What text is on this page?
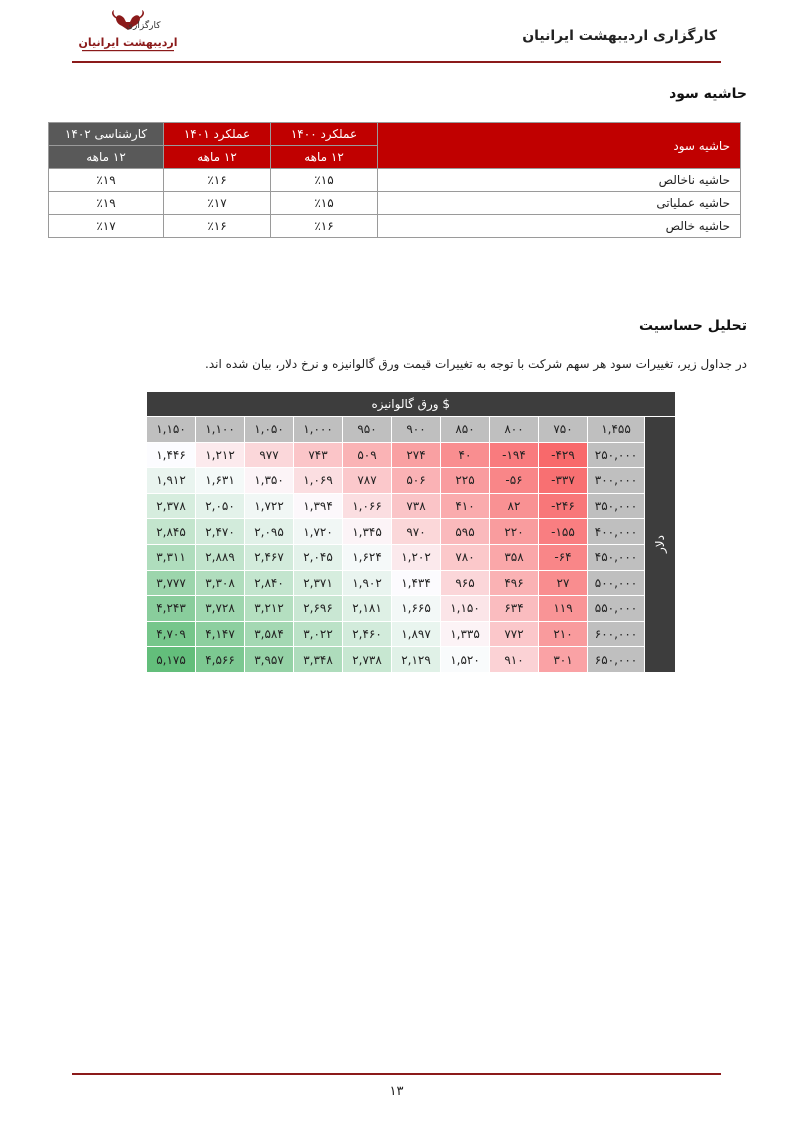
کارگزاری اردیبهشت ایرانیان
کارگزاری
اردیبهشت ایرانیان
حاشیه سود
حاشیه سود	عملکرد ۱۴۰۰	عملکرد ۱۴۰۱	کارشناسی ۱۴۰۲
	۱۲ ماهه	۱۲ ماهه	۱۲ ماهه
حاشیه ناخالص	٪۱۵	٪۱۶	٪۱۹
حاشیه عملیاتی	٪۱۵	٪۱۷	٪۱۹
حاشیه خالص	٪۱۶	٪۱۶	٪۱۷
تحلیل حساسیت
در جداول زیر، تغییرات سود هر سهم شرکت با توجه به تغییرات قیمت ورق گالوانیزه و نرخ دلار، بیان شده اند.
ورق گالوانیزه $										
۱,۱۵۰	۱,۱۰۰	۱,۰۵۰	۱,۰۰۰	۹۵۰	۹۰۰	۸۵۰	۸۰۰	۷۵۰	۱,۴۵۵	دلار
۱,۴۴۶	۱,۲۱۲	۹۷۷	۷۴۳	۵۰۹	۲۷۴	۴۰	-۱۹۴	-۴۲۹	۲۵۰,۰۰۰	
۱,۹۱۲	۱,۶۳۱	۱,۳۵۰	۱,۰۶۹	۷۸۷	۵۰۶	۲۲۵	-۵۶	-۳۳۷	۳۰۰,۰۰۰	
۲,۳۷۸	۲,۰۵۰	۱,۷۲۲	۱,۳۹۴	۱,۰۶۶	۷۳۸	۴۱۰	۸۲	-۲۴۶	۳۵۰,۰۰۰	
۲,۸۴۵	۲,۴۷۰	۲,۰۹۵	۱,۷۲۰	۱,۳۴۵	۹۷۰	۵۹۵	۲۲۰	-۱۵۵	۴۰۰,۰۰۰	
۳,۳۱۱	۲,۸۸۹	۲,۴۶۷	۲,۰۴۵	۱,۶۲۴	۱,۲۰۲	۷۸۰	۳۵۸	-۶۴	۴۵۰,۰۰۰	
۳,۷۷۷	۳,۳۰۸	۲,۸۴۰	۲,۳۷۱	۱,۹۰۲	۱,۴۳۴	۹۶۵	۴۹۶	۲۷	۵۰۰,۰۰۰	
۴,۲۴۳	۳,۷۲۸	۳,۲۱۲	۲,۶۹۶	۲,۱۸۱	۱,۶۶۵	۱,۱۵۰	۶۳۴	۱۱۹	۵۵۰,۰۰۰	
۴,۷۰۹	۴,۱۴۷	۳,۵۸۴	۳,۰۲۲	۲,۴۶۰	۱,۸۹۷	۱,۳۳۵	۷۷۲	۲۱۰	۶۰۰,۰۰۰	
۵,۱۷۵	۴,۵۶۶	۳,۹۵۷	۳,۳۴۸	۲,۷۳۸	۲,۱۲۹	۱,۵۲۰	۹۱۰	۳۰۱	۶۵۰,۰۰۰	
۱۳
